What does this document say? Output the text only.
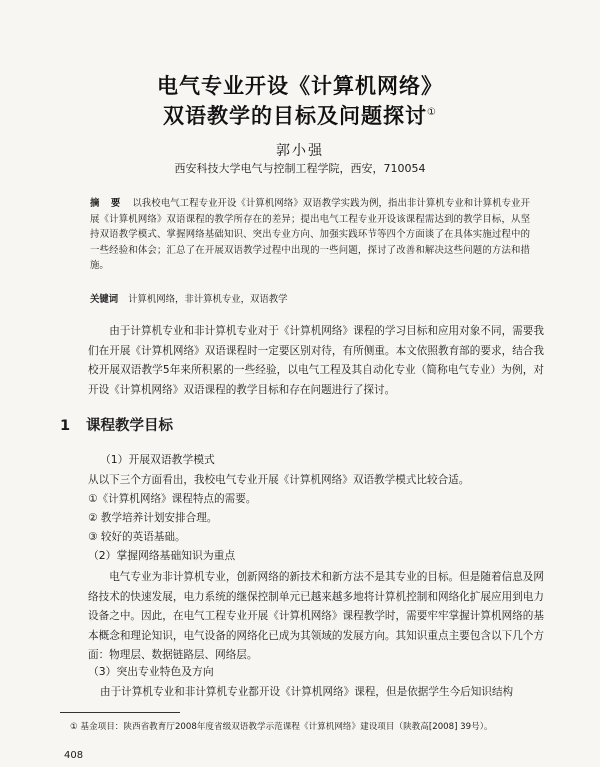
电气专业开设《计算机网络》
双语教学的目标及问题探讨①
郭小强
西安科技大学电气与控制工程学院，西安，710054
摘 要 以我校电气工程专业开设《计算机网络》双语教学实践为例，指出非计算机专业和计算机专业开展《计算机网络》双语课程的教学所存在的差异；提出电气工程专业开设该课程需达到的教学目标，从坚持双语教学模式、掌握网络基础知识、突出专业方向、加强实践环节等四个方面谈了在具体实施过程中的一些经验和体会；汇总了在开展双语教学过程中出现的一些问题，探讨了改善和解决这些问题的方法和措施。
关键词 计算机网络，非计算机专业，双语教学
由于计算机专业和非计算机专业对于《计算机网络》课程的学习目标和应用对象不同，需要我们在开展《计算机网络》双语课程时一定要区别对待，有所侧重。本文依照教育部的要求，结合我校开展双语教学5年来所积累的一些经验，以电气工程及其自动化专业（简称电气专业）为例，对开设《计算机网络》双语课程的教学目标和存在问题进行了探讨。
1 课程教学目标
（1）开展双语教学模式
从以下三个方面看出，我校电气专业开展《计算机网络》双语教学模式比较合适。
①《计算机网络》课程特点的需要。
② 教学培养计划安排合理。
③ 较好的英语基础。
（2）掌握网络基础知识为重点
电气专业为非计算机专业，创新网络的新技术和新方法不是其专业的目标。但是随着信息及网络技术的快速发展，电力系统的继保控制单元已越来越多地将计算机控制和网络化扩展应用到电力设备之中。因此，在电气工程专业开展《计算机网络》课程教学时，需要牢牢掌握计算机网络的基本概念和理论知识，电气设备的网络化已成为其领域的发展方向。其知识重点主要包含以下几个方面：物理层、数据链路层、网络层。
（3）突出专业特色及方向
由于计算机专业和非计算机专业都开设《计算机网络》课程，但是依据学生今后知识结构
① 基金项目：陕西省教育厅2008年度省级双语教学示范课程《计算机网络》建设项目（陕教高[2008] 39号）。
408
